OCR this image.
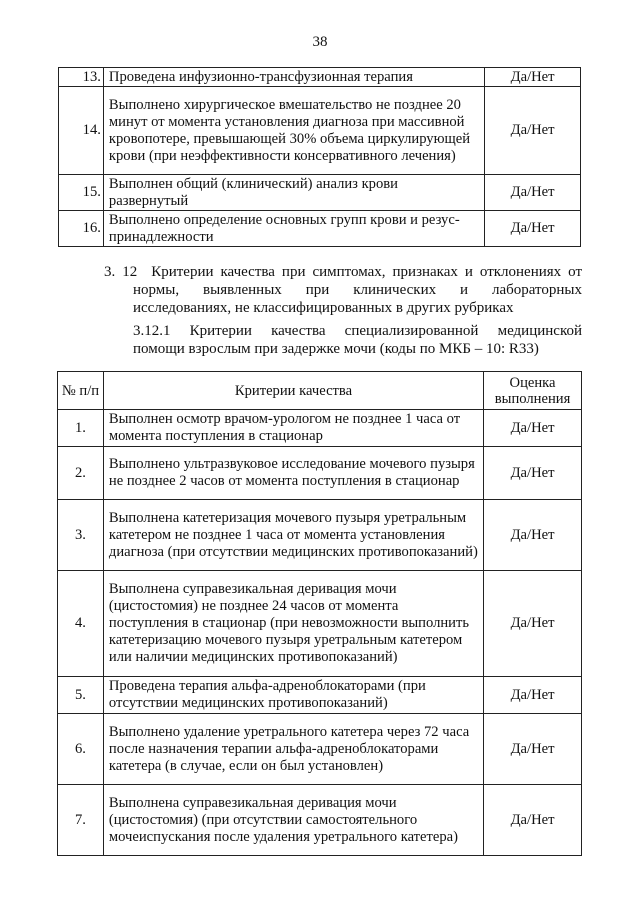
38
13.	Проведена инфузионно-трансфузионная терапия	Да/Нет
14.	Выполнено хирургическое вмешательство не позднее 20 минут от момента установления диагноза при массивной кровопотере, превышающей 30% объема циркулирующей крови (при неэффективности консервативного лечения)	Да/Нет
15.	Выполнен общий (клинический) анализ крови развернутый	Да/Нет
16.	Выполнено определение основных групп крови и резус-принадлежности	Да/Нет
3. 12 Критерии качества при симптомах, признаках и отклонениях от
нормы, выявленных при клинических и лабораторных
исследованиях, не классифицированных в других рубриках
3.12.1 Критерии качества специализированной медицинской
помощи взрослым при задержке мочи (коды по МКБ – 10: R33)
№ п/п	Критерии качества	Оценка выполнения
1.	Выполнен осмотр врачом-урологом не позднее 1 часа от момента поступления в стационар	Да/Нет
2.	Выполнено ультразвуковое исследование мочевого пузыря не позднее 2 часов от момента поступления в стационар	Да/Нет
3.	Выполнена катетеризация мочевого пузыря уретральным катетером не позднее 1 часа от момента установления диагноза (при отсутствии медицинских противопоказаний)	Да/Нет
4.	Выполнена суправезикальная деривация мочи (цистостомия) не позднее 24 часов от момента поступления в стационар (при невозможности выполнить катетеризацию мочевого пузыря уретральным катетером или наличии медицинских противопоказаний)	Да/Нет
5.	Проведена терапия альфа-адреноблокаторами (при отсутствии медицинских противопоказаний)	Да/Нет
6.	Выполнено удаление уретрального катетера через 72 часа после назначения терапии альфа-адреноблокаторами катетера (в случае, если он был установлен)	Да/Нет
7.	Выполнена суправезикальная деривация мочи (цистостомия) (при отсутствии самостоятельного мочеиспускания после удаления уретрального катетера)	Да/Нет
